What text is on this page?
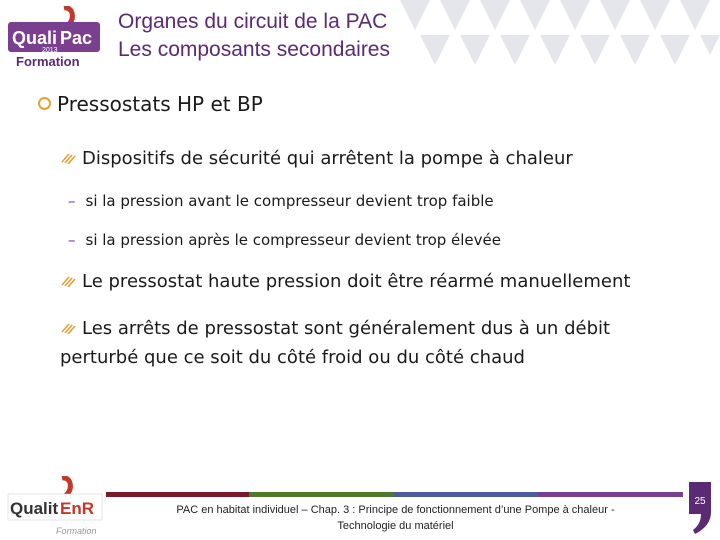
Quali Pac
2013
Formation
Organes du circuit de la PAC
Les composants secondaires
Pressostats HP et BP
Dispositifs de sécurité qui arrêtent la pompe à chaleur
– si la pression avant le compresseur devient trop faible
– si la pression après le compresseur devient trop élevée
Le pressostat haute pression doit être réarmé manuellement
Les arrêts de pressostat sont généralement dus à un débit perturbé que ce soit du côté froid ou du côté chaud
Qualit EnR
Formation
PAC en habitat individuel – Chap. 3 : Principe de fonctionnement d’une Pompe à chaleur -
Technologie du matériel
25
